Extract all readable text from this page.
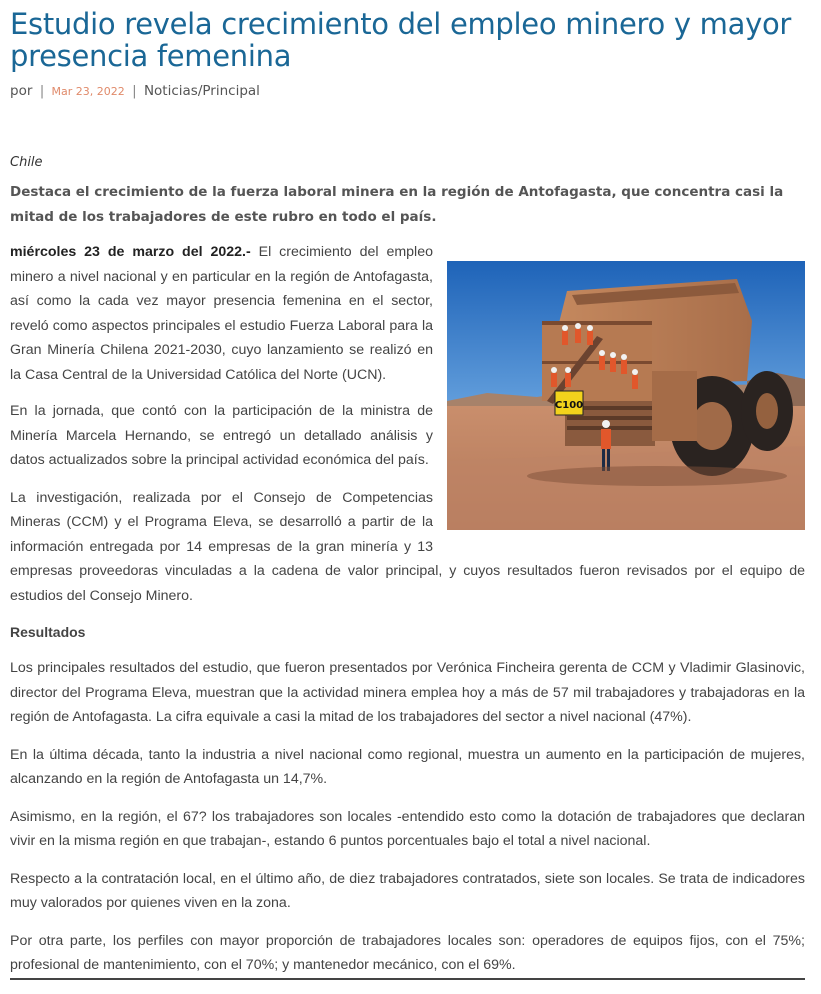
Estudio revela crecimiento del empleo minero y mayor presencia femenina
por | Mar 23, 2022 | Noticias/Principal
Chile

Destaca el crecimiento de la fuerza laboral minera en la región de Antofagasta, que concentra casi la mitad de los trabajadores de este rubro en todo el país.

C100

miércoles 23 de marzo del 2022.- El crecimiento del empleo minero a nivel nacional y en particular en la región de Antofagasta, así como la cada vez mayor presencia femenina en el sector, reveló como aspectos principales el estudio Fuerza Laboral para la Gran Minería Chilena 2021-2030, cuyo lanzamiento se realizó en la Casa Central de la Universidad Católica del Norte (UCN).

En la jornada, que contó con la participación de la ministra de Minería Marcela Hernando, se entregó un detallado análisis y datos actualizados sobre la principal actividad económica del país.

La investigación, realizada por el Consejo de Competencias Mineras (CCM) y el Programa Eleva, se desarrolló a partir de la información entregada por 14 empresas de la gran minería y 13 empresas proveedoras vinculadas a la cadena de valor principal, y cuyos resultados fueron revisados por el equipo de estudios del Consejo Minero.

Resultados

Los principales resultados del estudio, que fueron presentados por Verónica Fincheira gerenta de CCM y Vladimir Glasinovic, director del Programa Eleva, muestran que la actividad minera emplea hoy a más de 57 mil trabajadores y trabajadoras en la región de Antofagasta. La cifra equivale a casi la mitad de los trabajadores del sector a nivel nacional (47%).

En la última década, tanto la industria a nivel nacional como regional, muestra un aumento en la participación de mujeres, alcanzando en la región de Antofagasta un 14,7%.

Asimismo, en la región, el 67? los trabajadores son locales -entendido esto como la dotación de trabajadores que declaran vivir en la misma región en que trabajan-, estando 6 puntos porcentuales bajo el total a nivel nacional.

Respecto a la contratación local, en el último año, de diez trabajadores contratados, siete son locales. Se trata de indicadores muy valorados por quienes viven en la zona.

Por otra parte, los perfiles con mayor proporción de trabajadores locales son: operadores de equipos fijos, con el 75%; profesional de mantenimiento, con el 70%; y mantenedor mecánico, con el 69%.
